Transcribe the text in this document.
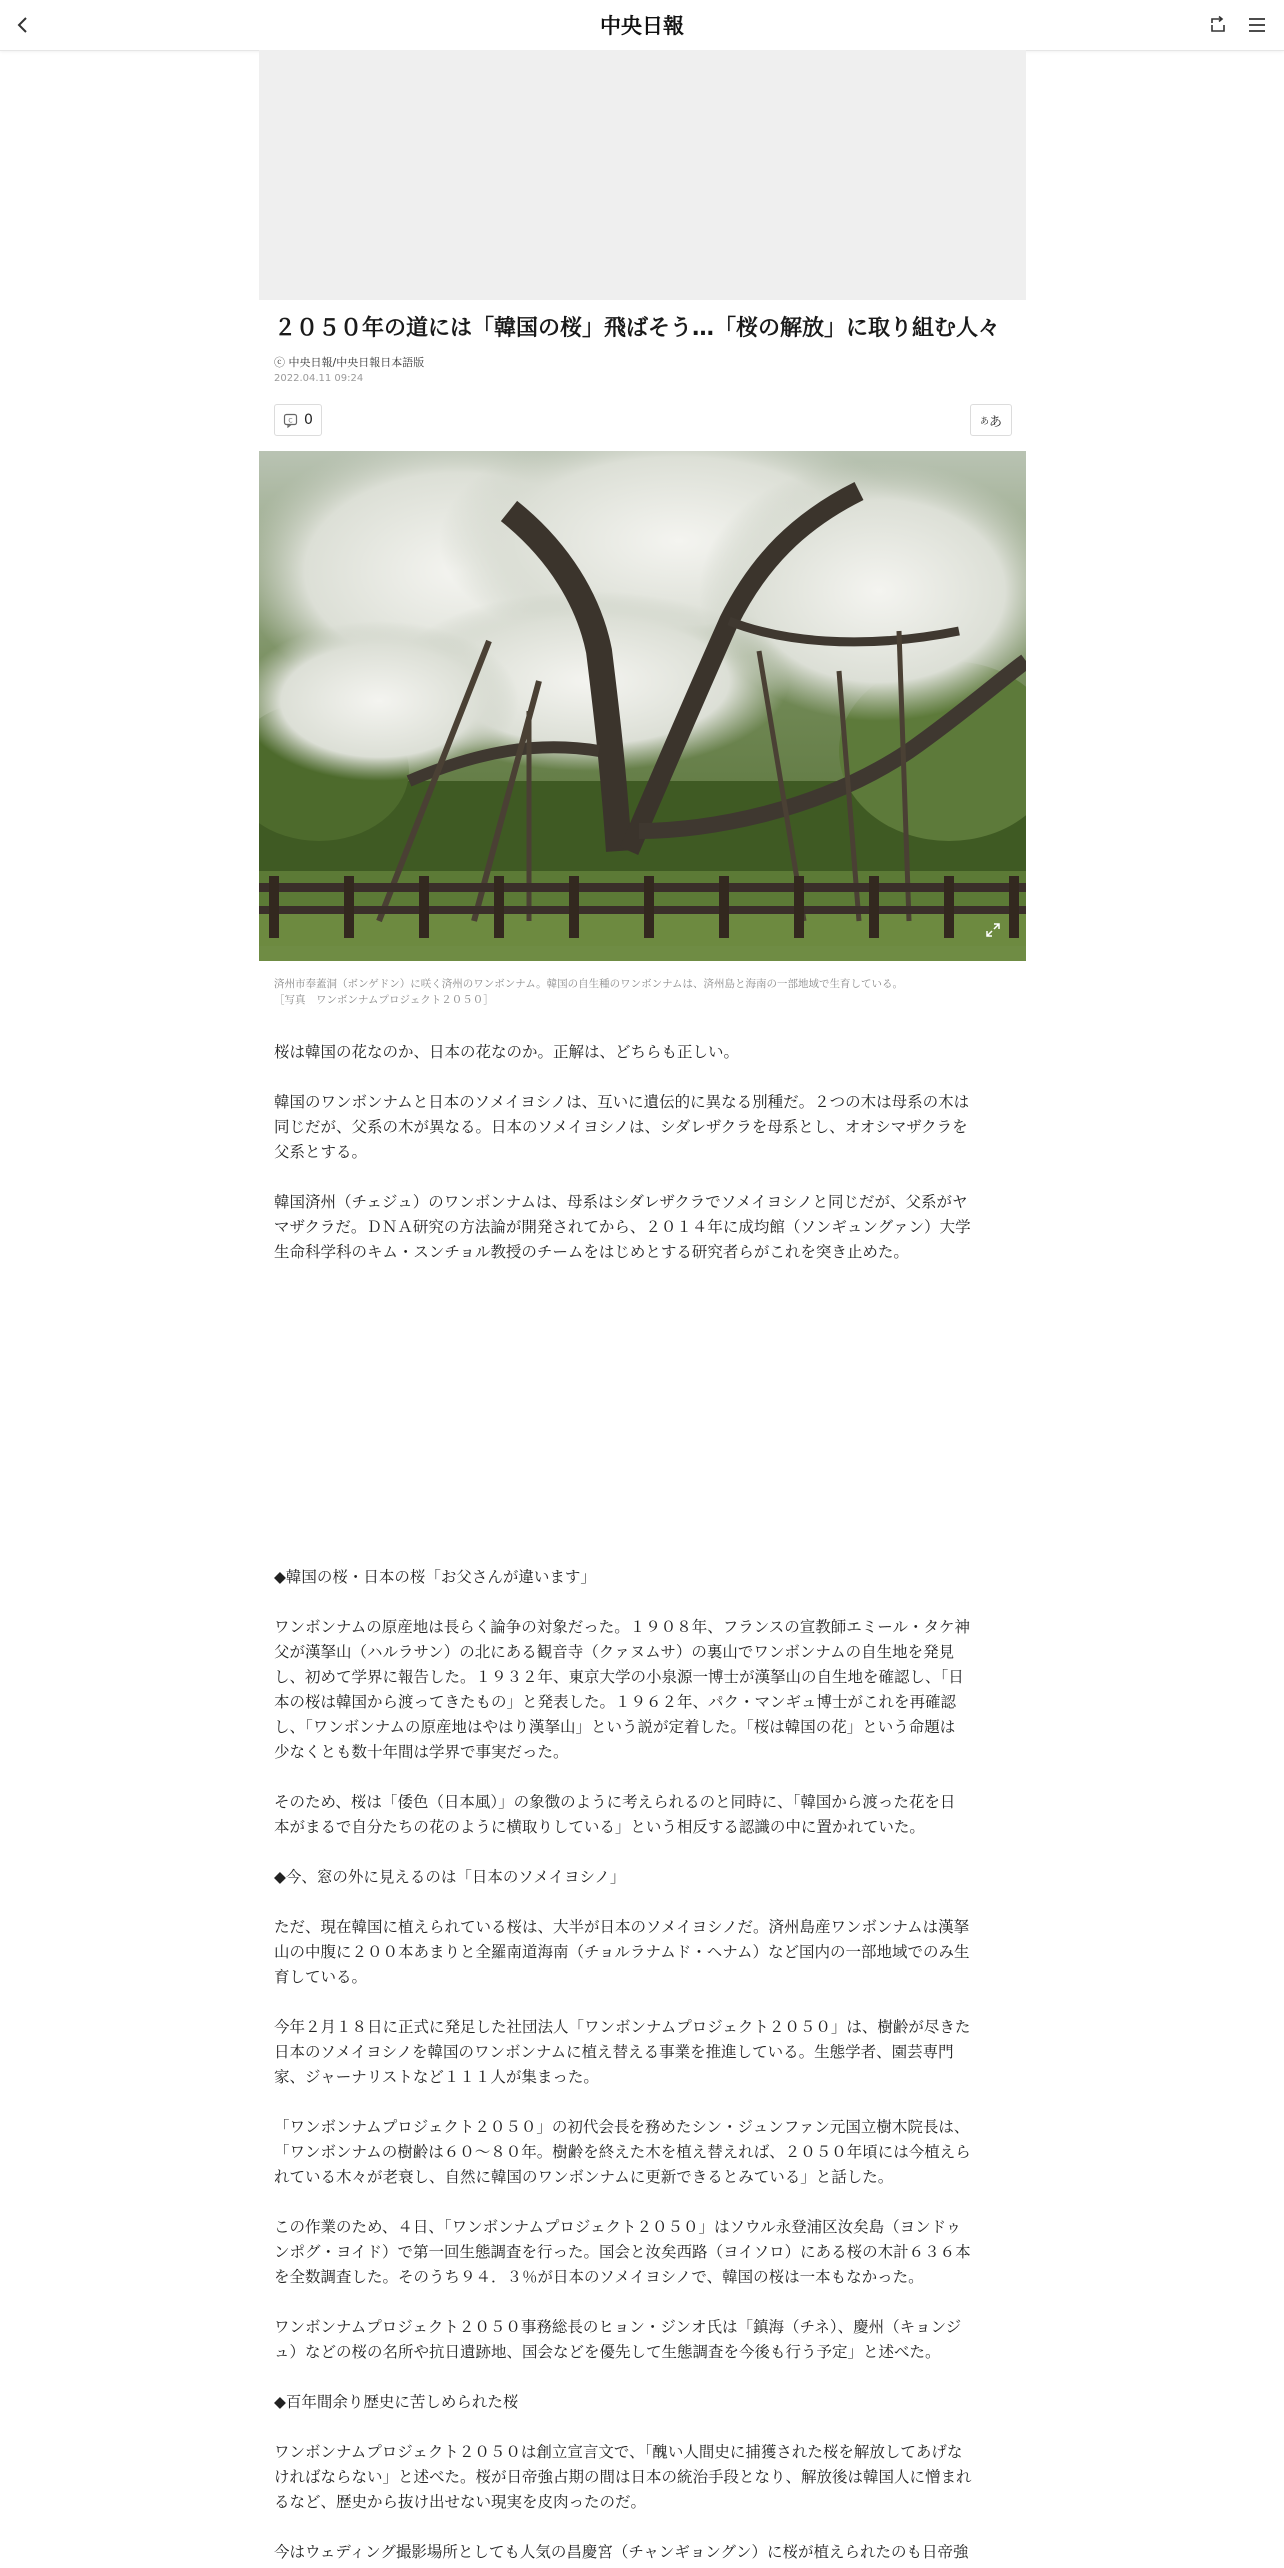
中央日報
２０５０年の道には「韓国の桜」飛ばそう…「桜の解放」に取り組む人々
ⓒ 中央日報/中央日報日本語版
2022.04.11 09:24
C 0	あ あ

済州市奉蓋洞（ボンゲドン）に咲く済州のワンボンナム。韓国の自生種のワンボンナムは、済州島と海南の一部地域で生育している。

［写真　ワンボンナムプロジェクト２０５０］

桜は韓国の花なのか、日本の花なのか。正解は、どちらも正しい。
韓国のワンボンナムと日本のソメイヨシノは、互いに遺伝的に異なる別種だ。２つの木は母系の木は
同じだが、父系の木が異なる。日本のソメイヨシノは、シダレザクラを母系とし、オオシマザクラを
父系とする。
韓国済州（チェジュ）のワンボンナムは、母系はシダレザクラでソメイヨシノと同じだが、父系がヤ
マザクラだ。ＤＮＡ研究の方法論が開発されてから、２０１４年に成均館（ソンギュングァン）大学
生命科学科のキム・スンチョル教授のチームをはじめとする研究者らがこれを突き止めた。
◆韓国の桜・日本の桜「お父さんが違います」
ワンボンナムの原産地は長らく論争の対象だった。１９０８年、フランスの宣教師エミール・タケ神
父が漢拏山（ハルラサン）の北にある観音寺（クァヌムサ）の裏山でワンボンナムの自生地を発見
し、初めて学界に報告した。１９３２年、東京大学の小泉源一博士が漢拏山の自生地を確認し、「日
本の桜は韓国から渡ってきたもの」と発表した。１９６２年、パク・マンギュ博士がこれを再確認
し、「ワンボンナムの原産地はやはり漢拏山」という説が定着した。「桜は韓国の花」という命題は
少なくとも数十年間は学界で事実だった。
そのため、桜は「倭色（日本風）」の象徴のように考えられるのと同時に、「韓国から渡った花を日
本がまるで自分たちの花のように横取りしている」という相反する認識の中に置かれていた。
◆今、窓の外に見えるのは「日本のソメイヨシノ」
ただ、現在韓国に植えられている桜は、大半が日本のソメイヨシノだ。済州島産ワンボンナムは漢拏
山の中腹に２００本あまりと全羅南道海南（チョルラナムド・ヘナム）など国内の一部地域でのみ生
育している。
今年２月１８日に正式に発足した社団法人「ワンボンナムプロジェクト２０５０」は、樹齢が尽きた
日本のソメイヨシノを韓国のワンボンナムに植え替える事業を推進している。生態学者、園芸専門
家、ジャーナリストなど１１１人が集まった。
「ワンボンナムプロジェクト２０５０」の初代会長を務めたシン・ジュンファン元国立樹木院長は、
「ワンボンナムの樹齢は６０～８０年。樹齢を終えた木を植え替えれば、２０５０年頃には今植えら
れている木々が老衰し、自然に韓国のワンボンナムに更新できるとみている」と話した。
この作業のため、４日、「ワンボンナムプロジェクト２０５０」はソウル永登浦区汝矣島（ヨンドゥ
ンポグ・ヨイド）で第一回生態調査を行った。国会と汝矣西路（ヨイソロ）にある桜の木計６３６本
を全数調査した。そのうち９４．３％が日本のソメイヨシノで、韓国の桜は一本もなかった。
ワンボンナムプロジェクト２０５０事務総長のヒョン・ジンオ氏は「鎮海（チネ）、慶州（キョンジ
ュ）などの桜の名所や抗日遺跡地、国会などを優先して生態調査を今後も行う予定」と述べた。
◆百年間余り歴史に苦しめられた桜
ワンボンナムプロジェクト２０５０は創立宣言文で、「醜い人間史に捕獲された桜を解放してあげな
ければならない」と述べた。桜が日帝強占期の間は日本の統治手段となり、解放後は韓国人に憎まれ
るなど、歴史から抜け出せない現実を皮肉ったのだ。
今はウェディング撮影場所としても人気の昌慶宮（チャンギョングン）に桜が植えられたのも日帝強
